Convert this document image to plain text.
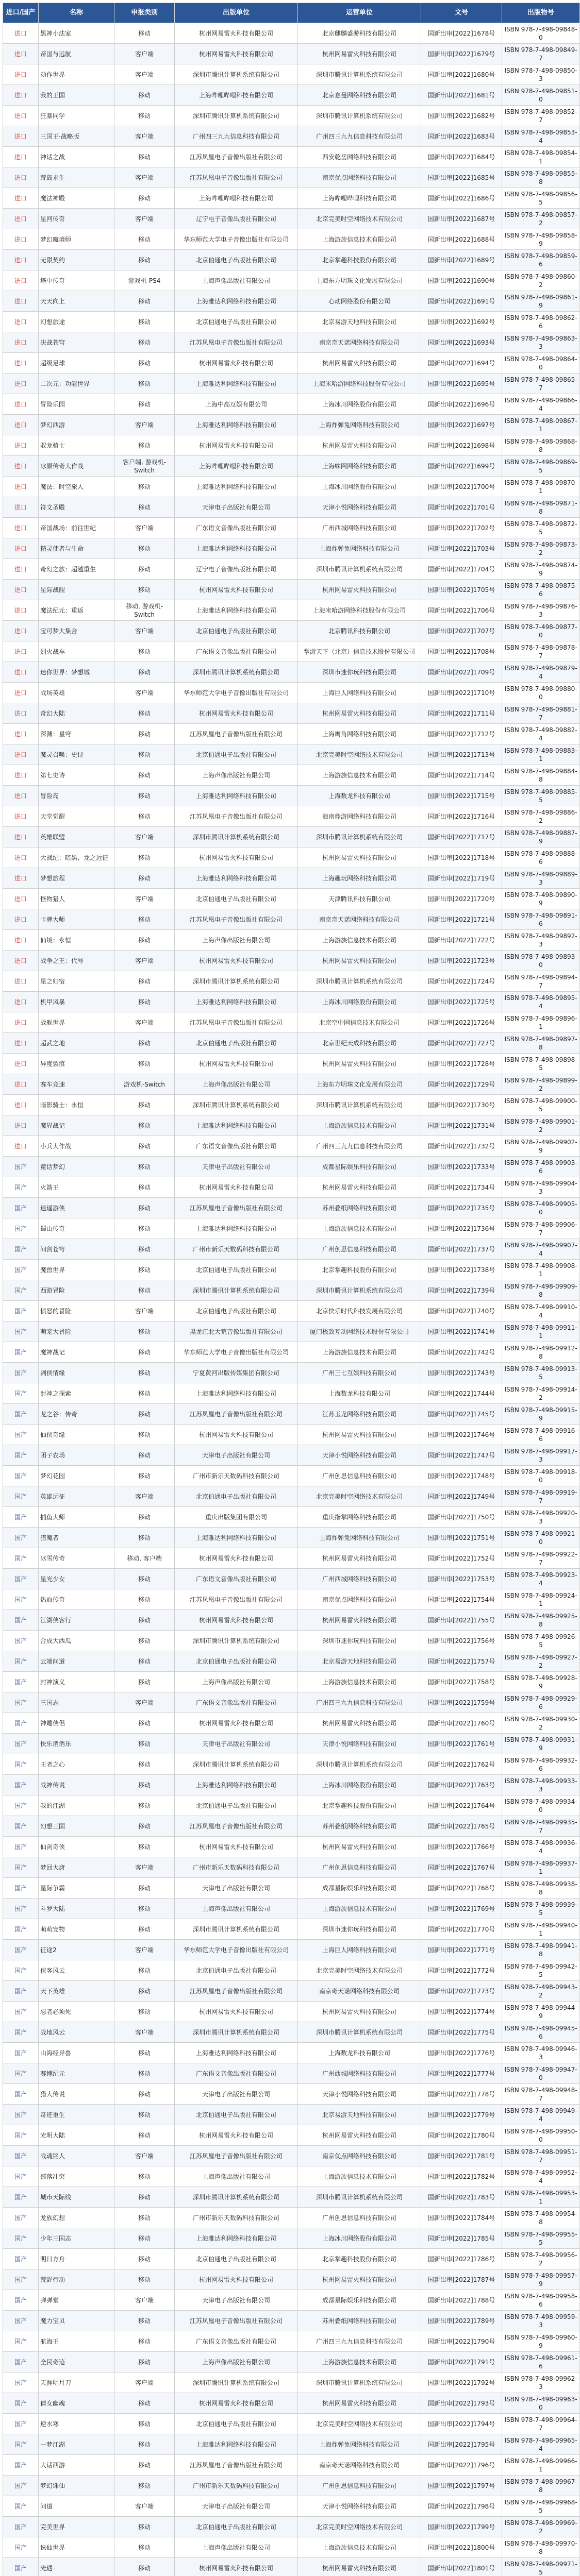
进口/国产	名称	申报类别	出版单位	运营单位	文号	出版物号
进口	黑神小法家	移动	杭州网易雷火科技有限公司	北京麒麟盛游科技有限公司	国新出审[2022]1678号	ISBN 978-7-498-09848-0
进口	帝国与远航	客户端	杭州网易雷火科技有限公司	杭州网易雷火科技有限公司	国新出审[2022]1679号	ISBN 978-7-498-09849-7
进口	动作世界	客户端	深圳市腾讯计算机系统有限公司	深圳市腾讯计算机系统有限公司	国新出审[2022]1680号	ISBN 978-7-498-09850-3
进口	我的王国	移动	上海哔哩哔哩科技有限公司	北京息曼网络科技有限公司	国新出审[2022]1681号	ISBN 978-7-498-09851-0
进口	狂暴同学	移动	深圳市腾讯计算机系统有限公司	深圳市腾讯计算机系统有限公司	国新出审[2022]1682号	ISBN 978-7-498-09852-7
进口	三国王·战略版	客户端	广州四三九九信息科技有限公司	广州四三九九信息科技有限公司	国新出审[2022]1683号	ISBN 978-7-498-09853-4
进口	神话之战	移动	江苏凤凰电子音像出版社有限公司	西安乾岳网络科技有限公司	国新出审[2022]1684号	ISBN 978-7-498-09854-1
进口	荒岛求生	客户端	江苏凤凰电子音像出版社有限公司	南京优点网络科技有限公司	国新出审[2022]1685号	ISBN 978-7-498-09855-8
进口	魔法神殿	移动	上海哔哩哔哩科技有限公司	上海哔哩哔哩科技有限公司	国新出审[2022]1686号	ISBN 978-7-498-09856-5
进口	星河传奇	客户端	辽宁电子音像出版社有限公司	北京完美时空网络技术有限公司	国新出审[2022]1687号	ISBN 978-7-498-09857-2
进口	梦幻魔境师	移动	华东师范大学电子音像出版社有限公司	上海游族信息技术有限公司	国新出审[2022]1688号	ISBN 978-7-498-09858-9
进口	无限契约	移动	北京伯通电子出版社有限公司	北京掌趣科技股份有限公司	国新出审[2022]1689号	ISBN 978-7-498-09859-6
进口	塔中传奇	游戏机-PS4	上海声像出版社有限公司	上海东方明珠文化发展有限公司	国新出审[2022]1690号	ISBN 978-7-498-09860-2
进口	天天向上	移动	上海雅达利网络科技有限公司	心动网络股份有限公司	国新出审[2022]1691号	ISBN 978-7-498-09861-9
进口	幻想旅途	移动	北京伯通电子出版社有限公司	北京易游天地科技有限公司	国新出审[2022]1692号	ISBN 978-7-498-09862-6
进口	决战苍穹	移动	江苏凤凰电子音像出版社有限公司	南京奇天诺网络科技有限公司	国新出审[2022]1693号	ISBN 978-7-498-09863-3
进口	超级足球	移动	杭州网易雷火科技有限公司	杭州网易雷火科技有限公司	国新出审[2022]1694号	ISBN 978-7-498-09864-0
进口	二次元：功能世界	移动	上海雅达利网络科技有限公司	上海米哈游网络科技股份有限公司	国新出审[2022]1695号	ISBN 978-7-498-09865-7
进口	冒险乐园	移动	上海中高互娱有限公司	上海冰川网络股份有限公司	国新出审[2022]1696号	ISBN 978-7-498-09866-4
进口	梦幻西游	客户端	上海雅达利网络科技有限公司	上海炸弹兔网络科技有限公司	国新出审[2022]1697号	ISBN 978-7-498-09867-1
进口	驭龙骑士	移动	杭州网易雷火科技有限公司	杭州网易雷火科技有限公司	国新出审[2022]1698号	ISBN 978-7-498-09868-8
进口	冰原传奇大作战	客户端, 游戏机-Switch	上海哔哩哔哩科技有限公司	上海蛛网网络科技有限公司	国新出审[2022]1699号	ISBN 978-7-498-09869-5
进口	魔法：时空旅人	移动	上海雅达利网络科技有限公司	上海冰川网络股份有限公司	国新出审[2022]1700号	ISBN 978-7-498-09870-1
进口	符文圣殿	移动	天津电子出版社有限公司	天津小悦网络科技有限公司	国新出审[2022]1701号	ISBN 978-7-498-09871-8
进口	帝国战场：前往世纪	客户端	广东语文音像出版社有限公司	广州西城网络科技有限公司	国新出审[2022]1702号	ISBN 978-7-498-09872-5
进口	精灵使者与生命	移动	上海雅达利网络科技有限公司	上海炸弹兔网络科技有限公司	国新出审[2022]1703号	ISBN 978-7-498-09873-2
进口	奇幻之旅：超越重生	移动	辽宁电子音像出版社有限公司	深圳市腾讯计算机系统有限公司	国新出审[2022]1704号	ISBN 978-7-498-09874-9
进口	星际战舰	移动	杭州网易雷火科技有限公司	杭州网易雷火科技有限公司	国新出审[2022]1705号	ISBN 978-7-498-09875-6
进口	魔法纪元：重返	移动, 游戏机-Switch	上海雅达利网络科技有限公司	上海米哈游网络科技股份有限公司	国新出审[2022]1706号	ISBN 978-7-498-09876-3
进口	宝可梦大集合	客户端	北京伯通电子出版社有限公司	北京腾讯科技有限公司	国新出审[2022]1707号	ISBN 978-7-498-09877-0
进口	烈火战车	移动	广东语文音像出版社有限公司	掌游天下（北京）信息技术股份有限公司	国新出审[2022]1708号	ISBN 978-7-498-09878-7
进口	迷你世界：梦想城	移动	深圳市腾讯计算机系统有限公司	深圳市迷你玩科技有限公司	国新出审[2022]1709号	ISBN 978-7-498-09879-4
进口	战场英雄	客户端	华东师范大学电子音像出版社有限公司	上海巨人网络科技有限公司	国新出审[2022]1710号	ISBN 978-7-498-09880-0
进口	奇幻大陆	移动	杭州网易雷火科技有限公司	杭州网易雷火科技有限公司	国新出审[2022]1711号	ISBN 978-7-498-09881-7
进口	深渊：星穹	移动	江苏凤凰电子音像出版社有限公司	上海鹰角网络科技有限公司	国新出审[2022]1712号	ISBN 978-7-498-09882-4
进口	魔灵召唤：史诗	移动	北京伯通电子出版社有限公司	北京完美时空网络技术有限公司	国新出审[2022]1713号	ISBN 978-7-498-09883-1
进口	第七史诗	移动	上海声像出版社有限公司	上海游族信息技术有限公司	国新出审[2022]1714号	ISBN 978-7-498-09884-8
进口	冒险岛	移动	上海雅达利网络科技有限公司	上海数龙科技有限公司	国新出审[2022]1715号	ISBN 978-7-498-09885-5
进口	天堂觉醒	移动	江苏凤凰电子音像出版社有限公司	海南鼎游网络科技有限公司	国新出审[2022]1716号	ISBN 978-7-498-09886-2
进口	英雄联盟	客户端	深圳市腾讯计算机系统有限公司	深圳市腾讯计算机系统有限公司	国新出审[2022]1717号	ISBN 978-7-498-09887-9
进口	大战纪：暗黑、龙之远征	移动	杭州网易雷火科技有限公司	杭州网易雷火科技有限公司	国新出审[2022]1718号	ISBN 978-7-498-09888-6
进口	梦想旅程	移动	上海雅达利网络科技有限公司	上海趣玩网络科技有限公司	国新出审[2022]1719号	ISBN 978-7-498-09889-3
进口	怪物猎人	客户端	北京伯通电子出版社有限公司	天津腾讯科技有限公司	国新出审[2022]1720号	ISBN 978-7-498-09890-9
进口	卡牌大师	移动	江苏凤凰电子音像出版社有限公司	南京奇天诺网络科技有限公司	国新出审[2022]1721号	ISBN 978-7-498-09891-6
进口	仙境：永恒	移动	上海声像出版社有限公司	上海游族信息技术有限公司	国新出审[2022]1722号	ISBN 978-7-498-09892-3
进口	战争之王：代号	客户端	杭州网易雷火科技有限公司	杭州网易雷火科技有限公司	国新出审[2022]1723号	ISBN 978-7-498-09893-0
进口	星之归宿	移动	深圳市腾讯计算机系统有限公司	深圳市腾讯计算机系统有限公司	国新出审[2022]1724号	ISBN 978-7-498-09894-7
进口	机甲风暴	移动	上海雅达利网络科技有限公司	上海冰川网络股份有限公司	国新出审[2022]1725号	ISBN 978-7-498-09895-4
进口	战舰世界	客户端	江苏凤凰电子音像出版社有限公司	北京空中网信息技术有限公司	国新出审[2022]1726号	ISBN 978-7-498-09896-1
进口	超武之地	移动	北京伯通电子出版社有限公司	北京世纪天成科技有限公司	国新出审[2022]1727号	ISBN 978-7-498-09897-8
进口	异度裂痕	移动	杭州网易雷火科技有限公司	杭州网易雷火科技有限公司	国新出审[2022]1728号	ISBN 978-7-498-09898-5
进口	赛车竞速	游戏机-Switch	上海声像出版社有限公司	上海东方明珠文化发展有限公司	国新出审[2022]1729号	ISBN 978-7-498-09899-2
进口	暗影骑士：永恒	移动	深圳市腾讯计算机系统有限公司	深圳市腾讯计算机系统有限公司	国新出审[2022]1730号	ISBN 978-7-498-09900-5
进口	魔界战记	移动	上海雅达利网络科技有限公司	上海游族信息技术有限公司	国新出审[2022]1731号	ISBN 978-7-498-09901-2
进口	小兵大作战	移动	广东语文音像出版社有限公司	广州四三九九信息科技有限公司	国新出审[2022]1732号	ISBN 978-7-498-09902-9
国产	童话梦幻	移动	天津电子出版社有限公司	成都星际娱乐科技有限公司	国新出审[2022]1733号	ISBN 978-7-498-09903-6
国产	火箭王	移动	杭州网易雷火科技有限公司	杭州网易雷火科技有限公司	国新出审[2022]1734号	ISBN 978-7-498-09904-3
国产	逍遥游侠	移动	江苏凤凰电子音像出版社有限公司	苏州叠纸网络科技有限公司	国新出审[2022]1735号	ISBN 978-7-498-09905-0
国产	蜀山传奇	移动	上海雅达利网络科技有限公司	上海游族信息技术有限公司	国新出审[2022]1736号	ISBN 978-7-498-09906-7
国产	问剑苍穹	移动	广州市新乐天数码科技有限公司	广州创思信息科技有限公司	国新出审[2022]1737号	ISBN 978-7-498-09907-4
国产	魔兽世界	移动	北京伯通电子出版社有限公司	北京掌趣科技股份有限公司	国新出审[2022]1738号	ISBN 978-7-498-09908-1
国产	西游冒险	移动	深圳市腾讯计算机系统有限公司	深圳市腾讯计算机系统有限公司	国新出审[2022]1739号	ISBN 978-7-498-09909-8
国产	愤怒的冒险	客户端	北京伯通电子出版社有限公司	北京快乐时代科技发展有限公司	国新出审[2022]1740号	ISBN 978-7-498-09910-4
国产	萌宠大冒险	移动	黑龙江北大荒音像出版社有限公司	厦门极致互动网络技术股份有限公司	国新出审[2022]1741号	ISBN 978-7-498-09911-1
国产	魔神战记	移动	华东师范大学电子音像出版社有限公司	上海游族信息技术有限公司	国新出审[2022]1742号	ISBN 978-7-498-09912-8
国产	剑侠情缘	移动	宁夏黄河出版传媒集团有限公司	广州三七互娱科技有限公司	国新出审[2022]1743号	ISBN 978-7-498-09913-5
国产	射神之探索	移动	上海雅达利网络科技有限公司	上海数龙科技有限公司	国新出审[2022]1744号	ISBN 978-7-498-09914-2
国产	龙之谷：传奇	移动	江苏凤凰电子音像出版社有限公司	江苏玉龙网络科技有限公司	国新出审[2022]1745号	ISBN 978-7-498-09915-9
国产	仙侠奇缘	移动	杭州网易雷火科技有限公司	杭州网易雷火科技有限公司	国新出审[2022]1746号	ISBN 978-7-498-09916-6
国产	团子农场	移动	天津电子出版社有限公司	天津小悦网络科技有限公司	国新出审[2022]1747号	ISBN 978-7-498-09917-3
国产	梦幻花园	移动	广州市新乐天数码科技有限公司	广州创思信息科技有限公司	国新出审[2022]1748号	ISBN 978-7-498-09918-0
国产	英雄远征	客户端	北京伯通电子出版社有限公司	北京完美时空网络技术有限公司	国新出审[2022]1749号	ISBN 978-7-498-09919-7
国产	捕鱼大师	移动	重庆出版集团有限公司	重庆指掌网络科技有限公司	国新出审[2022]1750号	ISBN 978-7-498-09920-3
国产	猎魔者	移动	上海雅达利网络科技有限公司	上海炸弹兔网络科技有限公司	国新出审[2022]1751号	ISBN 978-7-498-09921-0
国产	冰雪传奇	移动, 客户端	杭州网易雷火科技有限公司	杭州网易雷火科技有限公司	国新出审[2022]1752号	ISBN 978-7-498-09922-7
国产	星光少女	移动	广东语文音像出版社有限公司	广州西城网络科技有限公司	国新出审[2022]1753号	ISBN 978-7-498-09923-4
国产	热血传奇	移动	江苏凤凰电子音像出版社有限公司	南京优点网络科技有限公司	国新出审[2022]1754号	ISBN 978-7-498-09924-1
国产	江湖侠客行	移动	杭州网易雷火科技有限公司	杭州网易雷火科技有限公司	国新出审[2022]1755号	ISBN 978-7-498-09925-8
国产	合成大西瓜	移动	深圳市腾讯计算机系统有限公司	深圳市迷你玩科技有限公司	国新出审[2022]1756号	ISBN 978-7-498-09926-5
国产	云端问道	移动	北京伯通电子出版社有限公司	北京易游天地科技有限公司	国新出审[2022]1757号	ISBN 978-7-498-09927-2
国产	封神演义	移动	上海声像出版社有限公司	上海游族信息技术有限公司	国新出审[2022]1758号	ISBN 978-7-498-09928-9
国产	三国志	客户端	广东语文音像出版社有限公司	广州四三九九信息科技有限公司	国新出审[2022]1759号	ISBN 978-7-498-09929-6
国产	神雕侠侣	移动	杭州网易雷火科技有限公司	杭州网易雷火科技有限公司	国新出审[2022]1760号	ISBN 978-7-498-09930-2
国产	快乐消消乐	移动	天津电子出版社有限公司	天津小悦网络科技有限公司	国新出审[2022]1761号	ISBN 978-7-498-09931-9
国产	王者之心	移动	深圳市腾讯计算机系统有限公司	深圳市腾讯计算机系统有限公司	国新出审[2022]1762号	ISBN 978-7-498-09932-6
国产	战神传说	移动	上海雅达利网络科技有限公司	上海冰川网络股份有限公司	国新出审[2022]1763号	ISBN 978-7-498-09933-3
国产	我的江湖	移动	北京伯通电子出版社有限公司	北京掌趣科技股份有限公司	国新出审[2022]1764号	ISBN 978-7-498-09934-0
国产	幻想三国	移动	江苏凤凰电子音像出版社有限公司	苏州叠纸网络科技有限公司	国新出审[2022]1765号	ISBN 978-7-498-09935-7
国产	仙剑奇侠	移动	杭州网易雷火科技有限公司	杭州网易雷火科技有限公司	国新出审[2022]1766号	ISBN 978-7-498-09936-4
国产	梦回大唐	客户端	广州市新乐天数码科技有限公司	广州创思信息科技有限公司	国新出审[2022]1767号	ISBN 978-7-498-09937-1
国产	星际争霸	移动	天津电子出版社有限公司	成都星际娱乐科技有限公司	国新出审[2022]1768号	ISBN 978-7-498-09938-8
国产	斗罗大陆	移动	上海声像出版社有限公司	上海游族信息技术有限公司	国新出审[2022]1769号	ISBN 978-7-498-09939-5
国产	萌萌宠物	移动	深圳市腾讯计算机系统有限公司	深圳市迷你玩科技有限公司	国新出审[2022]1770号	ISBN 978-7-498-09940-1
国产	征途2	客户端	华东师范大学电子音像出版社有限公司	上海巨人网络科技有限公司	国新出审[2022]1771号	ISBN 978-7-498-09941-8
国产	侠客风云	移动	北京伯通电子出版社有限公司	北京完美时空网络技术有限公司	国新出审[2022]1772号	ISBN 978-7-498-09942-5
国产	天下英雄	移动	江苏凤凰电子音像出版社有限公司	南京奇天诺网络科技有限公司	国新出审[2022]1773号	ISBN 978-7-498-09943-2
国产	忍者必须死	移动	杭州网易雷火科技有限公司	杭州网易雷火科技有限公司	国新出审[2022]1774号	ISBN 978-7-498-09944-9
国产	战地风云	客户端	深圳市腾讯计算机系统有限公司	深圳市腾讯计算机系统有限公司	国新出审[2022]1775号	ISBN 978-7-498-09945-6
国产	山海经异兽	移动	上海雅达利网络科技有限公司	上海数龙科技有限公司	国新出审[2022]1776号	ISBN 978-7-498-09946-3
国产	赛博纪元	移动	广东语文音像出版社有限公司	广州西城网络科技有限公司	国新出审[2022]1777号	ISBN 978-7-498-09947-0
国产	猎人传说	移动	天津电子出版社有限公司	天津小悦网络科技有限公司	国新出审[2022]1778号	ISBN 978-7-498-09948-7
国产	奇迹重生	移动	北京伯通电子出版社有限公司	北京易游天地科技有限公司	国新出审[2022]1779号	ISBN 978-7-498-09949-4
国产	光明大陆	移动	杭州网易雷火科技有限公司	杭州网易雷火科技有限公司	国新出审[2022]1780号	ISBN 978-7-498-09950-0
国产	战魂铭人	客户端	江苏凤凰电子音像出版社有限公司	南京优点网络科技有限公司	国新出审[2022]1781号	ISBN 978-7-498-09951-7
国产	部落冲突	移动	上海声像出版社有限公司	上海游族信息技术有限公司	国新出审[2022]1782号	ISBN 978-7-498-09952-4
国产	城市天际线	移动	深圳市腾讯计算机系统有限公司	深圳市腾讯计算机系统有限公司	国新出审[2022]1783号	ISBN 978-7-498-09953-1
国产	龙族幻想	移动	广州市新乐天数码科技有限公司	广州创思信息科技有限公司	国新出审[2022]1784号	ISBN 978-7-498-09954-8
国产	少年三国志	移动	上海雅达利网络科技有限公司	上海冰川网络股份有限公司	国新出审[2022]1785号	ISBN 978-7-498-09955-5
国产	明日方舟	移动	北京伯通电子出版社有限公司	北京掌趣科技股份有限公司	国新出审[2022]1786号	ISBN 978-7-498-09956-2
国产	荒野行动	移动	杭州网易雷火科技有限公司	杭州网易雷火科技有限公司	国新出审[2022]1787号	ISBN 978-7-498-09957-9
国产	弹弹堂	客户端	天津电子出版社有限公司	成都星际娱乐科技有限公司	国新出审[2022]1788号	ISBN 978-7-498-09958-6
国产	魔力宝贝	移动	江苏凤凰电子音像出版社有限公司	苏州叠纸网络科技有限公司	国新出审[2022]1789号	ISBN 978-7-498-09959-3
国产	航海王	移动	广东语文音像出版社有限公司	广州四三九九信息科技有限公司	国新出审[2022]1790号	ISBN 978-7-498-09960-9
国产	全民奇迹	移动	上海声像出版社有限公司	上海游族信息技术有限公司	国新出审[2022]1791号	ISBN 978-7-498-09961-6
国产	天涯明月刀	客户端	深圳市腾讯计算机系统有限公司	深圳市腾讯计算机系统有限公司	国新出审[2022]1792号	ISBN 978-7-498-09962-3
国产	倩女幽魂	移动	杭州网易雷火科技有限公司	杭州网易雷火科技有限公司	国新出审[2022]1793号	ISBN 978-7-498-09963-0
国产	逆水寒	移动	北京伯通电子出版社有限公司	北京完美时空网络技术有限公司	国新出审[2022]1794号	ISBN 978-7-498-09964-7
国产	一梦江湖	移动	上海雅达利网络科技有限公司	上海炸弹兔网络科技有限公司	国新出审[2022]1795号	ISBN 978-7-498-09965-4
国产	大话西游	移动	江苏凤凰电子音像出版社有限公司	南京奇天诺网络科技有限公司	国新出审[2022]1796号	ISBN 978-7-498-09966-1
国产	梦幻诛仙	移动	广州市新乐天数码科技有限公司	广州创思信息科技有限公司	国新出审[2022]1797号	ISBN 978-7-498-09967-8
国产	问道	客户端	天津电子出版社有限公司	天津小悦网络科技有限公司	国新出审[2022]1798号	ISBN 978-7-498-09968-5
国产	完美世界	移动	北京伯通电子出版社有限公司	北京完美时空网络技术有限公司	国新出审[2022]1799号	ISBN 978-7-498-09969-2
国产	诛仙世界	移动	上海声像出版社有限公司	上海游族信息技术有限公司	国新出审[2022]1800号	ISBN 978-7-498-09970-8
国产	光遇	移动	杭州网易雷火科技有限公司	杭州网易雷火科技有限公司	国新出审[2022]1801号	ISBN 978-7-498-09971-5
